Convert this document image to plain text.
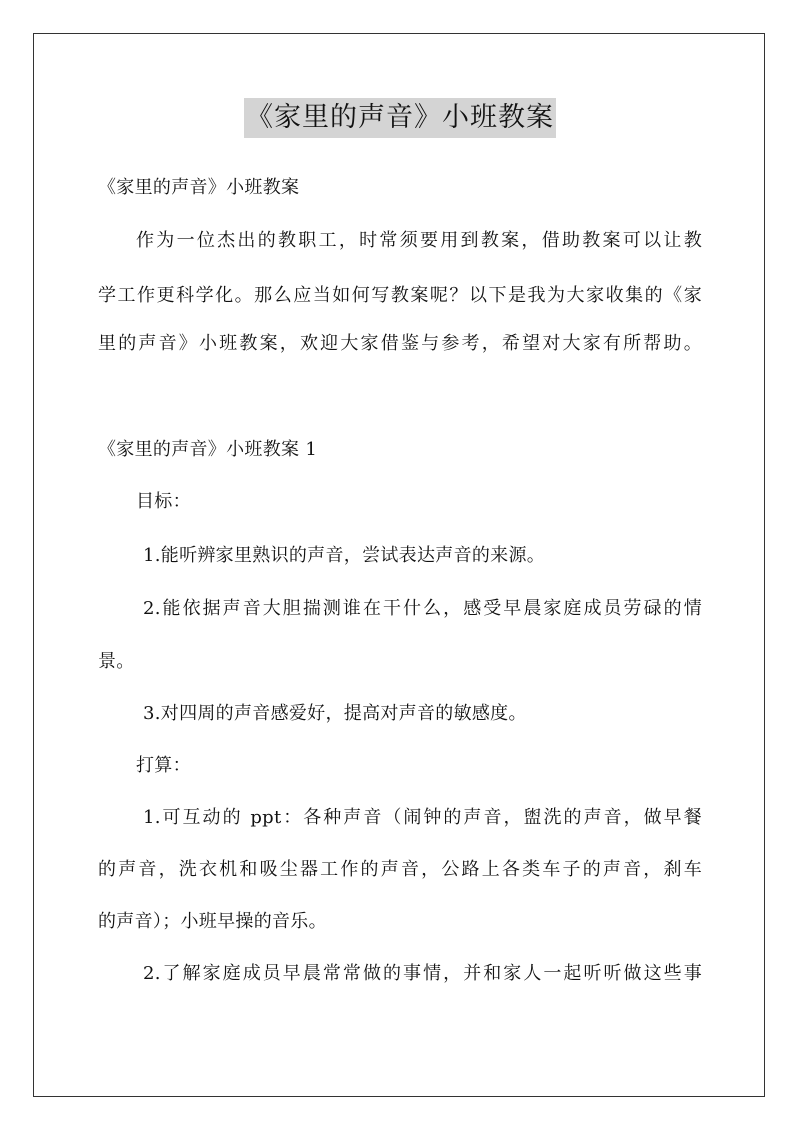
《家里的声音》小班教案
《家里的声音》小班教案
作为一位杰出的教职工，时常须要用到教案，借助教案可以让教
学工作更科学化。那么应当如何写教案呢？以下是我为大家收集的《家
里的声音》小班教案，欢迎大家借鉴与参考，希望对大家有所帮助。
《家里的声音》小班教案 1
目标：
1.能听辨家里熟识的声音，尝试表达声音的来源。
2.能依据声音大胆揣测谁在干什么，感受早晨家庭成员劳碌的情
景。
3.对四周的声音感爱好，提高对声音的敏感度。
打算：
1.可互动的 ppt：各种声音（闹钟的声音，盥洗的声音，做早餐
的声音，洗衣机和吸尘器工作的声音，公路上各类车子的声音，刹车
的声音）；小班早操的音乐。
2.了解家庭成员早晨常常做的事情，并和家人一起听听做这些事
